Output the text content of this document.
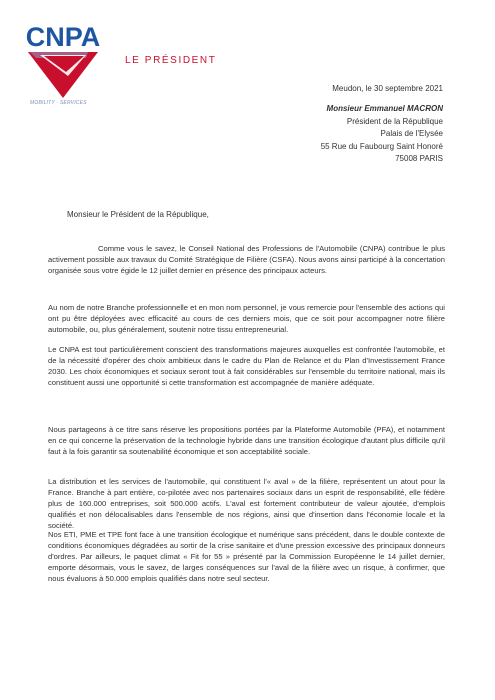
CNPA
MOBILITY · SERVICES
LE PRÉSIDENT
Meudon, le 30 septembre 2021
Monsieur Emmanuel MACRON
Président de la République
Palais de l'Elysée
55 Rue du Faubourg Saint Honoré
75008 PARIS
Monsieur le Président de la République,

Comme vous le savez, le Conseil National des Professions de l'Automobile (CNPA) contribue le plus activement possible aux travaux du Comité Stratégique de Filière (CSFA). Nous avons ainsi participé à la concertation organisée sous votre égide le 12 juillet dernier en présence des principaux acteurs.

Au nom de notre Branche professionnelle et en mon nom personnel, je vous remercie pour l'ensemble des actions qui ont pu être déployées avec efficacité au cours de ces derniers mois, que ce soit pour accompagner notre filière automobile, ou, plus généralement, soutenir notre tissu entrepreneurial.

Le CNPA est tout particulièrement conscient des transformations majeures auxquelles est confrontée l'automobile, et de la nécessité d'opérer des choix ambitieux dans le cadre du Plan de Relance et du Plan d'Investissement France 2030. Les choix économiques et sociaux seront tout à fait considérables sur l'ensemble du territoire national, mais ils constituent aussi une opportunité si cette transformation est accompagnée de manière adéquate.

Nous partageons à ce titre sans réserve les propositions portées par la Plateforme Automobile (PFA), et notamment en ce qui concerne la préservation de la technologie hybride dans une transition écologique d'autant plus difficile qu'il faut à la fois garantir sa soutenabilité économique et son acceptabilité sociale.

La distribution et les services de l'automobile, qui constituent l'« aval » de la filière, représentent un atout pour la France. Branche à part entière, co-pilotée avec nos partenaires sociaux dans un esprit de responsabilité, elle fédère plus de 160.000 entreprises, soit 500.000 actifs. L'aval est fortement contributeur de valeur ajoutée, d'emplois qualifiés et non délocalisables dans l'ensemble de nos régions, ainsi que d'insertion dans l'économie locale et la société.

Nos ETI, PME et TPE font face à une transition écologique et numérique sans précédent, dans le double contexte de conditions économiques dégradées au sortir de la crise sanitaire et d'une pression excessive des principaux donneurs d'ordres. Par ailleurs, le paquet climat « Fit for 55 » présenté par la Commission Européenne le 14 juillet dernier, emporte désormais, vous le savez, de larges conséquences sur l'aval de la filière avec un risque, à confirmer, que nous évaluons à 50.000 emplois qualifiés dans notre seul secteur.
